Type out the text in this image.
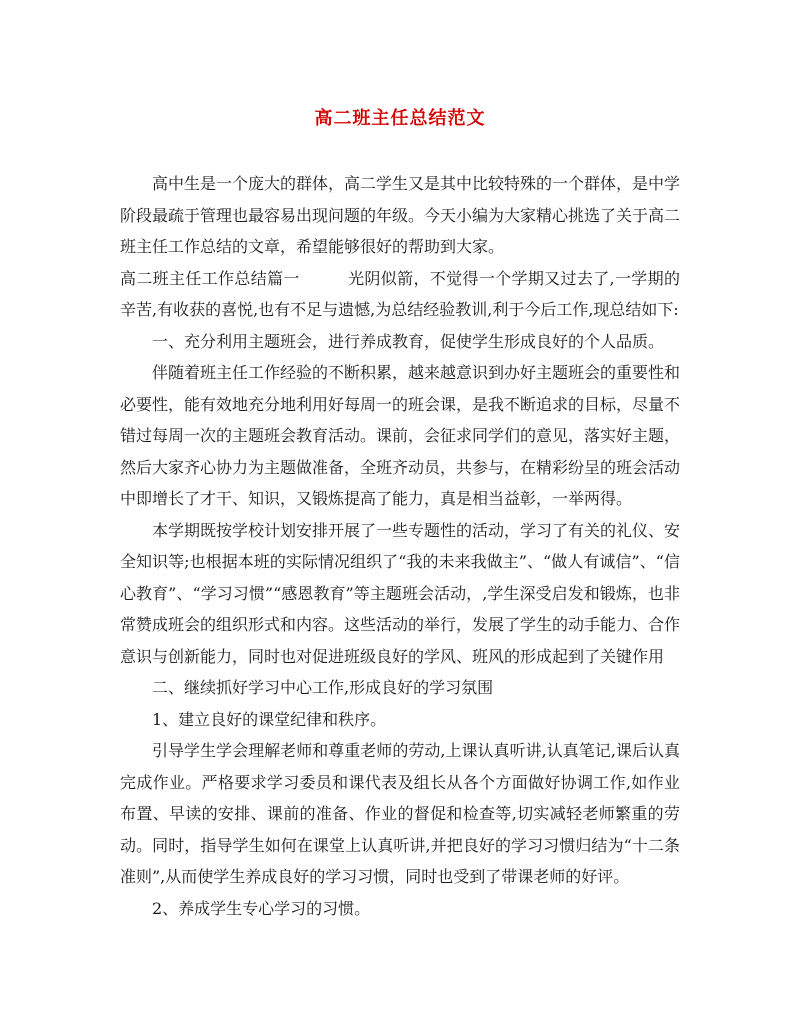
高二班主任总结范文

高中生是一个庞大的群体，高二学生又是其中比较特殊的一个群体，是中学阶段最疏于管理也最容易出现问题的年级。今天小编为大家精心挑选了关于高二班主任工作总结的文章，希望能够很好的帮助到大家。

高二班主任工作总结篇一	光阴似箭，不觉得一个学期又过去了,一学期的辛苦,有收获的喜悦,也有不足与遗憾,为总结经验教训,利于今后工作,现总结如下:

一、充分利用主题班会，进行养成教育，促使学生形成良好的个人品质。

伴随着班主任工作经验的不断积累，越来越意识到办好主题班会的重要性和必要性，能有效地充分地利用好每周一的班会课，是我不断追求的目标，尽量不错过每周一次的主题班会教育活动。课前，会征求同学们的意见，落实好主题，然后大家齐心协力为主题做准备，全班齐动员，共参与，在精彩纷呈的班会活动中即增长了才干、知识，又锻炼提高了能力，真是相当益彰，一举两得。

本学期既按学校计划安排开展了一些专题性的活动，学习了有关的礼仪、安全知识等;也根据本班的实际情况组织了“我的未来我做主”、“做人有诚信”、“信心教育”、“学习习惯”“感恩教育”等主题班会活动，,学生深受启发和锻炼，也非常赞成班会的组织形式和内容。这些活动的举行，发展了学生的动手能力、合作意识与创新能力，同时也对促进班级良好的学风、班风的形成起到了关键作用

二、继续抓好学习中心工作,形成良好的学习氛围

1、建立良好的课堂纪律和秩序。

引导学生学会理解老师和尊重老师的劳动,上课认真听讲,认真笔记,课后认真完成作业。严格要求学习委员和课代表及组长从各个方面做好协调工作,如作业布置、早读的安排、课前的准备、作业的督促和检查等,切实减轻老师繁重的劳动。同时，指导学生如何在课堂上认真听讲,并把良好的学习习惯归结为“十二条准则”,从而使学生养成良好的学习习惯，同时也受到了带课老师的好评。

2、养成学生专心学习的习惯。
